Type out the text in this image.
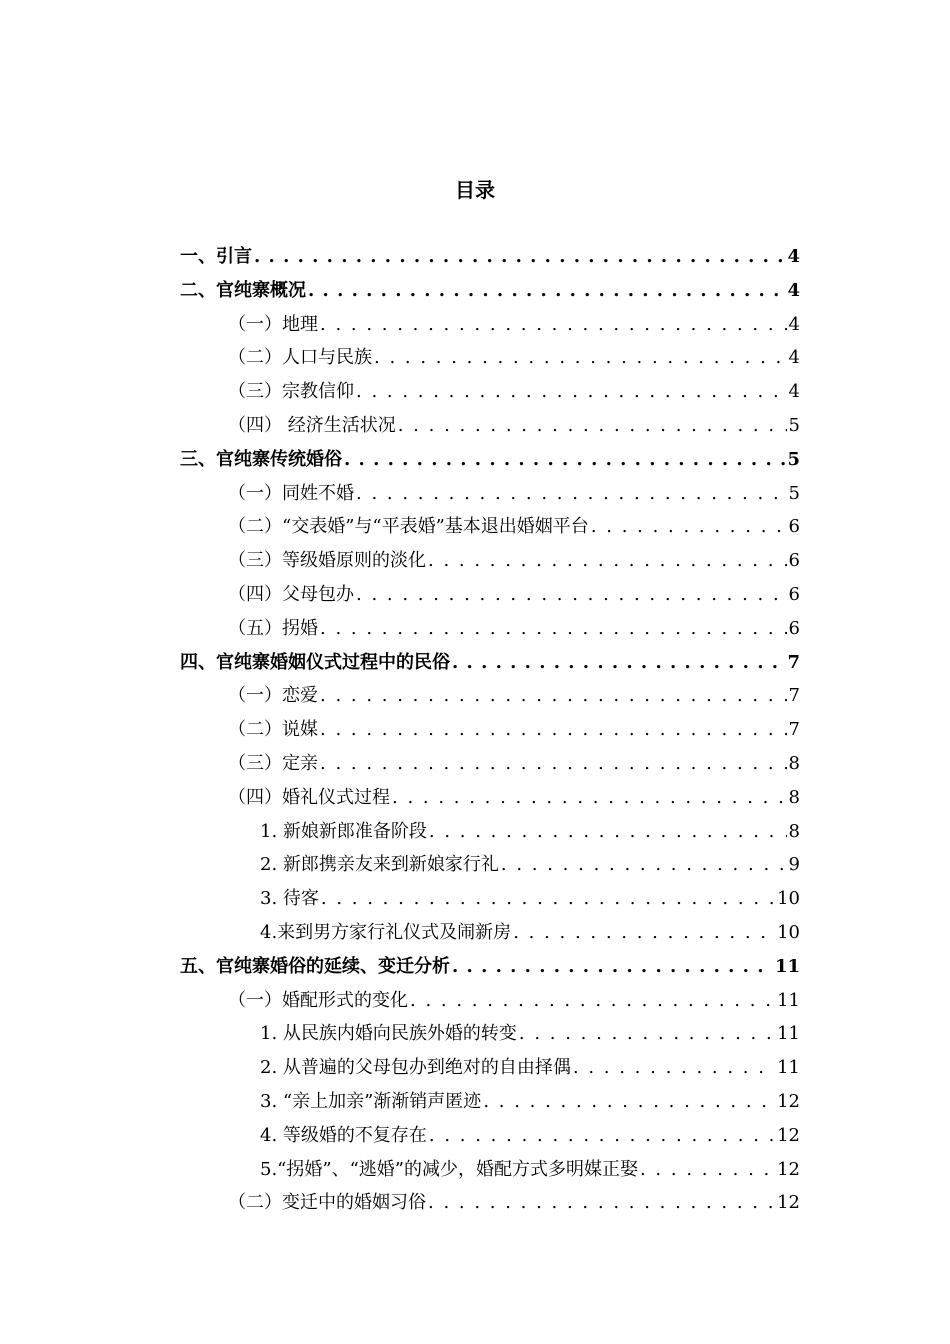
目录
一、引言 . . .	4
二、官纯寨概况 . . .	4
（一）地理 . . .	4
（二）人口与民族 . . .	4
（三）宗教信仰 . . .	4
（四） 经济生活状况 . . .	5
三、官纯寨传统婚俗 . . .	5
（一）同姓不婚 . . .	5
（二）“交表婚”与“平表婚”基本退出婚姻平台 . . .	6
（三）等级婚原则的淡化 . . .	6
（四）父母包办 . . .	6
（五）拐婚 . . .	6
四、官纯寨婚姻仪式过程中的民俗 . . .	7
（一）恋爱 . . .	7
（二）说媒 . . .	7
（三）定亲 . . .	8
（四）婚礼仪式过程 . . .	8
1. 新娘新郎准备阶段 . . .	8
2. 新郎携亲友来到新娘家行礼 . . .	9
3. 待客 . . .	10
4.来到男方家行礼仪式及闹新房 . . .	10
五、官纯寨婚俗的延续、变迁分析 . . .	11
（一）婚配形式的变化 . . .	11
1. 从民族内婚向民族外婚的转变 . . .	11
2. 从普遍的父母包办到绝对的自由择偶 . . .	11
3. “亲上加亲”渐渐销声匿迹 . . .	12
4. 等级婚的不复存在 . . .	12
5.“拐婚”、“逃婚”的减少，婚配方式多明媒正娶 . . .	12
（二）变迁中的婚姻习俗 . . .	12
